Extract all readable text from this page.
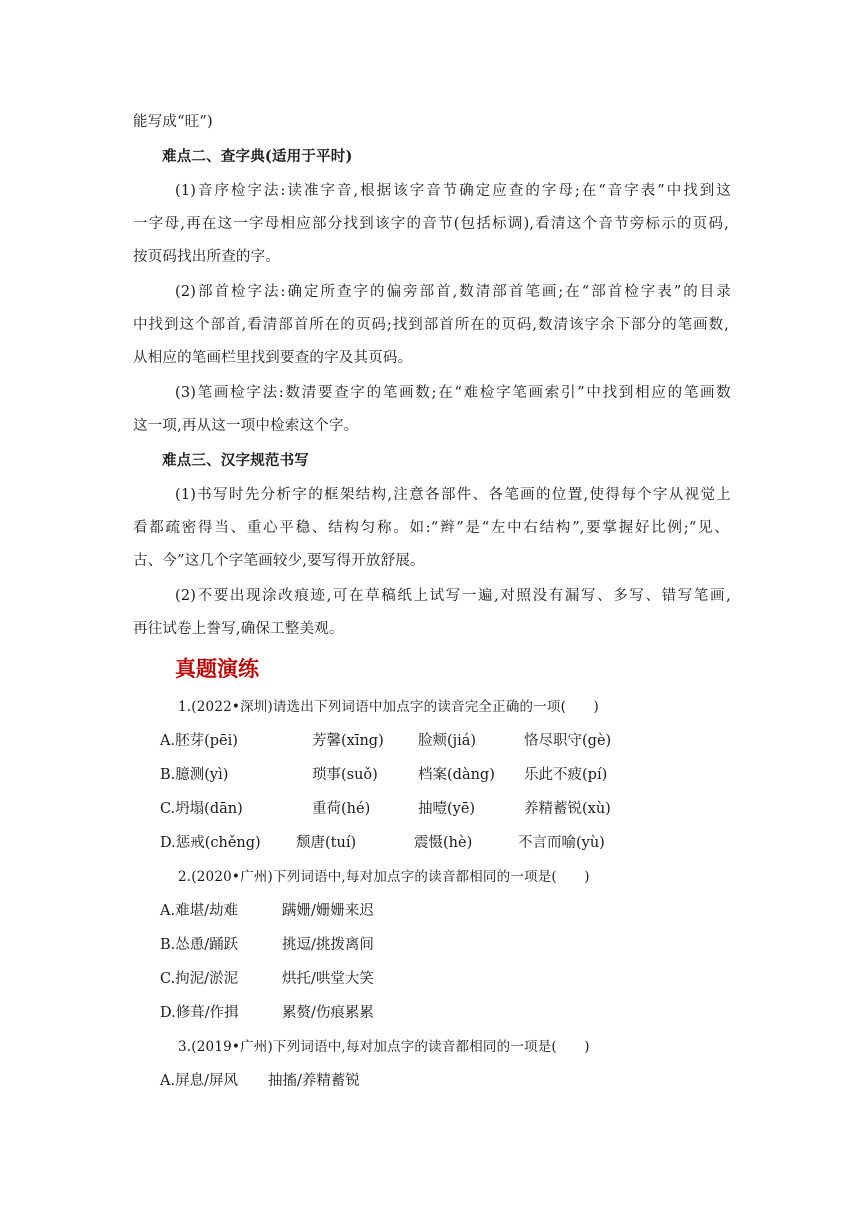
能写成“旺”)
难点二、查字典(适用于平时)
(1)音序检字法:读准字音,根据该字音节确定应查的字母;在“音字表”中找到这
一字母,再在这一字母相应部分找到该字的音节(包括标调),看清这个音节旁标示的页码,
按页码找出所查的字。
(2)部首检字法:确定所查字的偏旁部首,数清部首笔画;在“部首检字表”的目录
中找到这个部首,看清部首所在的页码;找到部首所在的页码,数清该字余下部分的笔画数,
从相应的笔画栏里找到要查的字及其页码。
(3)笔画检字法:数清要查字的笔画数;在“难检字笔画索引”中找到相应的笔画数
这一项,再从这一项中检索这个字。
难点三、汉字规范书写
(1)书写时先分析字的框架结构,注意各部件、各笔画的位置,使得每个字从视觉上
看都疏密得当、重心平稳、结构匀称。如:“辫”是“左中右结构”,要掌握好比例;“见、
古、今”这几个字笔画较少,要写得开放舒展。
(2)不要出现涂改痕迹,可在草稿纸上试写一遍,对照没有漏写、多写、错写笔画,
再往试卷上誊写,确保工整美观。
真题演练
1.(2022•深圳)请选出下列词语中加点字的读音完全正确的一项(　　)
A.胚芽(pēi)	芳馨(xīng) 脸颊(jiá)	恪尽职守(gè)
B.臆测(yì)	琐事(suǒ)	档案(dàng) 乐此不疲(pí)
C.坍塌(dān)	重荷(hé)	抽噎(yē)	养精蓄锐(xù)
D.惩戒(chěng) 颓唐(tuí)	震慑(hè)	不言而喻(yù)
2.(2020•广州)下列词语中,每对加点字的读音都相同的一项是(　　)
A.难堪/劫难	蹒姗/姗姗来迟
B.怂恿/踊跃	挑逗/挑拨离间
C.拘泥/淤泥	烘托/哄堂大笑
D.修葺/作揖	累赘/伤痕累累
3.(2019•广州)下列词语中,每对加点字的读音都相同的一项是(　　)
A.屏息/屏风 抽搐/养精蓄锐
